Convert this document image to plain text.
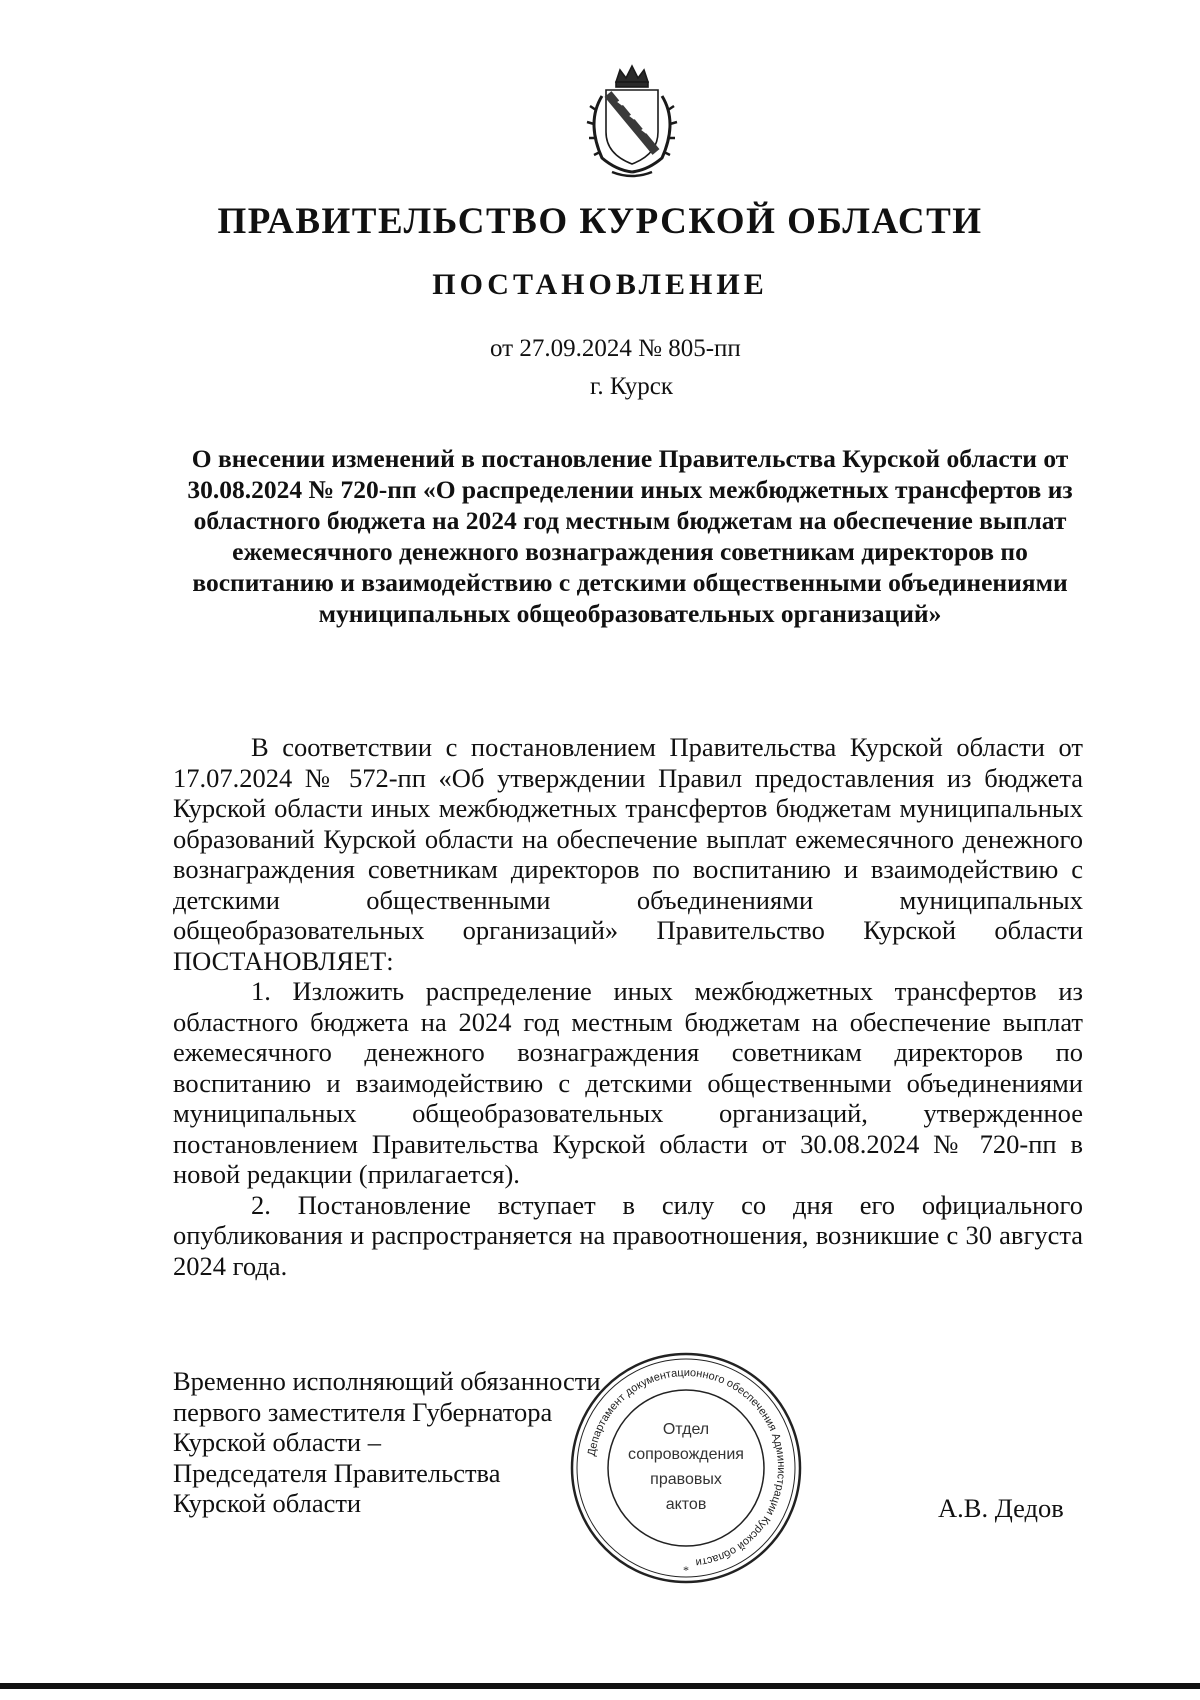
ПРАВИТЕЛЬСТВО КУРСКОЙ ОБЛАСТИ
ПОСТАНОВЛЕНИЕ
от 27.09.2024 № 805-пп
г. Курск

О внесении изменений в постановление Правительства Курской области от 30.08.2024 № 720-пп «О распределении иных межбюджетных трансфертов из областного бюджета на 2024 год местным бюджетам на обеспечение выплат ежемесячного денежного вознаграждения советникам директоров по воспитанию и взаимодействию с детскими общественными объединениями муниципальных общеобразовательных организаций»

В соответствии с постановлением Правительства Курской области от 17.07.2024 № 572-пп «Об утверждении Правил предоставления из бюджета Курской области иных межбюджетных трансфертов бюджетам муниципальных образований Курской области на обеспечение выплат ежемесячного денежного вознаграждения советникам директоров по воспитанию и взаимодействию с детскими общественными объединениями муниципальных общеобразовательных организаций» Правительство Курской области ПОСТАНОВЛЯЕТ:

1. Изложить распределение иных межбюджетных трансфертов из областного бюджета на 2024 год местным бюджетам на обеспечение выплат ежемесячного денежного вознаграждения советникам директоров по воспитанию и взаимодействию с детскими общественными объединениями муниципальных общеобразовательных организаций, утвержденное постановлением Правительства Курской области от 30.08.2024 № 720-пп в новой редакции (прилагается).

2. Постановление вступает в силу со дня его официального опубликования и распространяется на правоотношения, возникшие с 30 августа 2024 года.

Временно исполняющий обязанности
первого заместителя Губернатора
Курской области –
Председателя Правительства
Курской области
Департамент документационного обеспечения Администрации Курской области
*
Отдел
сопровождения
правовых
актов	А.В. Дедов
